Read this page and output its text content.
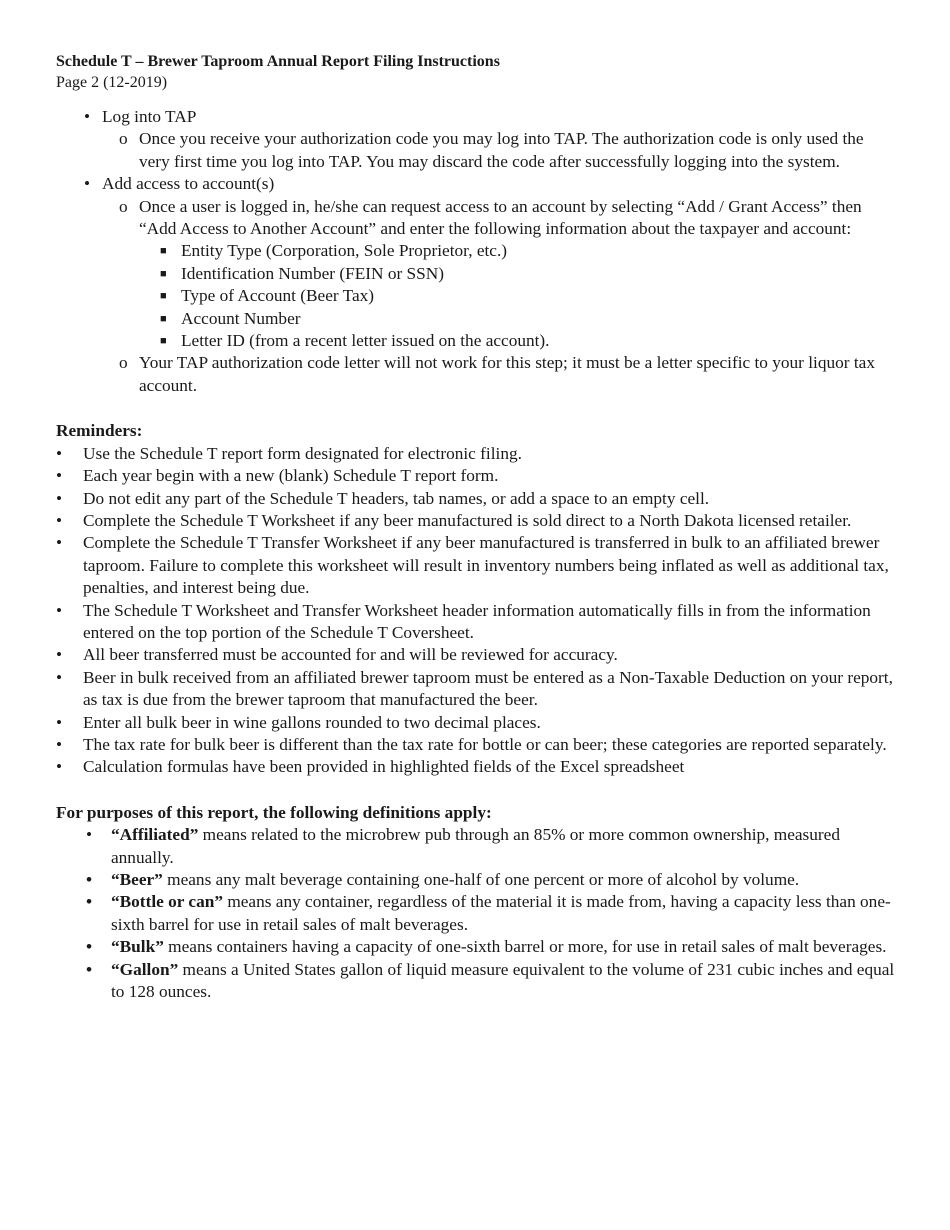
Schedule T – Brewer Taproom Annual Report Filing Instructions
Page 2 (12-2019)
• Log into TAP
o Once you receive your authorization code you may log into TAP. The authorization code is only used the very first time you log into TAP. You may discard the code after successfully logging into the system.
• Add access to account(s)
o Once a user is logged in, he/she can request access to an account by selecting “Add / Grant Access” then “Add Access to Another Account” and enter the following information about the taxpayer and account:
■ Entity Type (Corporation, Sole Proprietor, etc.)
■ Identification Number (FEIN or SSN)
■ Type of Account (Beer Tax)
■ Account Number
■ Letter ID (from a recent letter issued on the account).
o Your TAP authorization code letter will not work for this step; it must be a letter specific to your liquor tax account.
Reminders:
• Use the Schedule T report form designated for electronic filing.
• Each year begin with a new (blank) Schedule T report form.
• Do not edit any part of the Schedule T headers, tab names, or add a space to an empty cell.
• Complete the Schedule T Worksheet if any beer manufactured is sold direct to a North Dakota licensed retailer.
• Complete the Schedule T Transfer Worksheet if any beer manufactured is transferred in bulk to an affiliated brewer taproom. Failure to complete this worksheet will result in inventory numbers being inflated as well as additional tax, penalties, and interest being due.
• The Schedule T Worksheet and Transfer Worksheet header information automatically fills in from the information entered on the top portion of the Schedule T Coversheet.
• All beer transferred must be accounted for and will be reviewed for accuracy.
• Beer in bulk received from an affiliated brewer taproom must be entered as a Non-Taxable Deduction on your report, as tax is due from the brewer taproom that manufactured the beer.
• Enter all bulk beer in wine gallons rounded to two decimal places.
• The tax rate for bulk beer is different than the tax rate for bottle or can beer; these categories are reported separately.
• Calculation formulas have been provided in highlighted fields of the Excel spreadsheet
For purposes of this report, the following definitions apply:
• “Affiliated” means related to the microbrew pub through an 85% or more common ownership, measured annually.
• “Beer” means any malt beverage containing one-half of one percent or more of alcohol by volume.
• “Bottle or can” means any container, regardless of the material it is made from, having a capacity less than one-sixth barrel for use in retail sales of malt beverages.
• “Bulk” means containers having a capacity of one-sixth barrel or more, for use in retail sales of malt beverages.
• “Gallon” means a United States gallon of liquid measure equivalent to the volume of 231 cubic inches and equal to 128 ounces.
